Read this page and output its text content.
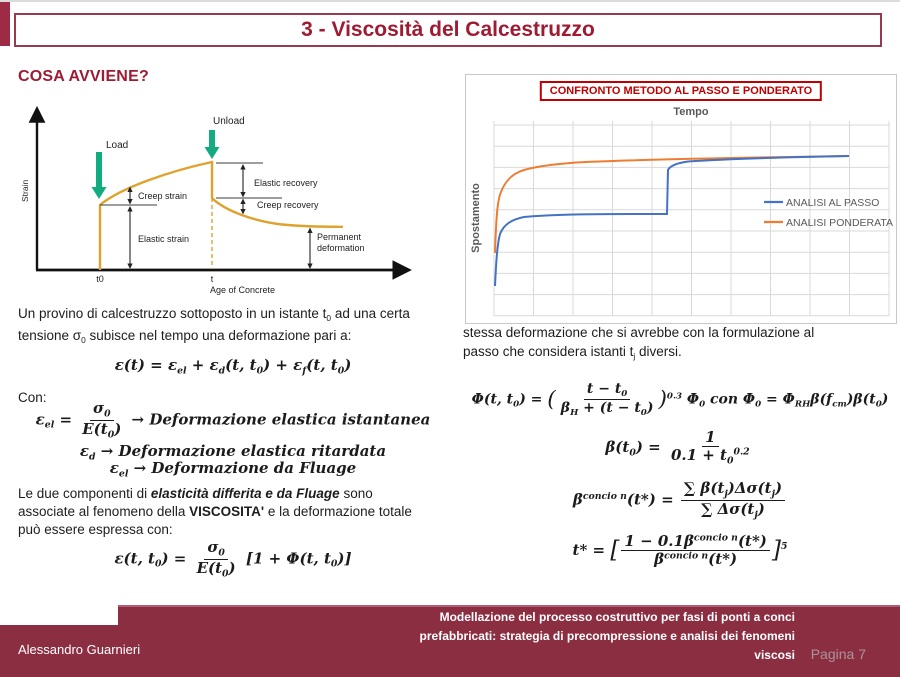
3 - Viscosità del Calcestruzzo
COSA AVVIENE?
Strain
Load
Unload
Creep strain
Elastic strain
Elastic recovery
Creep recovery
Permanent
deformation
t0	t
Age of Concrete
Tempo
Spostamento	ANALISI AL PASSO
ANALISI PONDERATA
CONFRONTO METODO AL PASSO E PONDERATO
Un provino di calcestruzzo sottoposto in un istante $t_0$ ad una certa
tensione $\sigma_0$ subisce nel tempo una deformazione pari a:
$\varepsilon(t) = \varepsilon_{el} + \varepsilon_d(t$, $t_0) + \varepsilon_f(t$, $t_0$)
Con:
$\varepsilon_{el} = \frac{\sigma_0}{E(t_0)}$ → Deformazione elastica istantanea
$\varepsilon_d$ → Deformazione elastica ritardata
$\varepsilon_{el}$ → Deformazione da Fluage
Le due componenti di elasticità differita e da Fluage sono
associate al fenomeno della VISCOSITA' e la deformazione totale
può essere espressa con:
ε(t, $t_0) = \frac{\sigma_0}{E(t_0)} [1 + \Phi(t$, $t_0$)]
stessa deformazione che si avrebbe con la formulazione al
passo che considera istanti $t_j$ diversi.
Φ(t, $t_0$) = ( $\frac{t - t_0}{\beta_H + (t - t_0)} )^{0.3}$ $\Phi_0$ con $\Phi_0 = \Phi_{RH}\beta(f_{cm})\beta(t_0)$
$\beta(t_0) = \frac{1}{0.1 + t_0^{0.2}}$
$\beta^{concio n}(t*) = \frac{\sum \beta(t_j)\Delta\sigma(t_j)}{\sum \Delta\sigma(t_j)}$
t* = [ $\frac{1 - 0.1\beta^{concio n}(t*)}{\beta^{concio n}(t*)} ]^5$
Alessandro Guarnieri
Modellazione del processo costruttivo per fasi di ponti a conci
prefabbricati: strategia di precompressione e analisi dei fenomeni
viscosi Pagina 7
